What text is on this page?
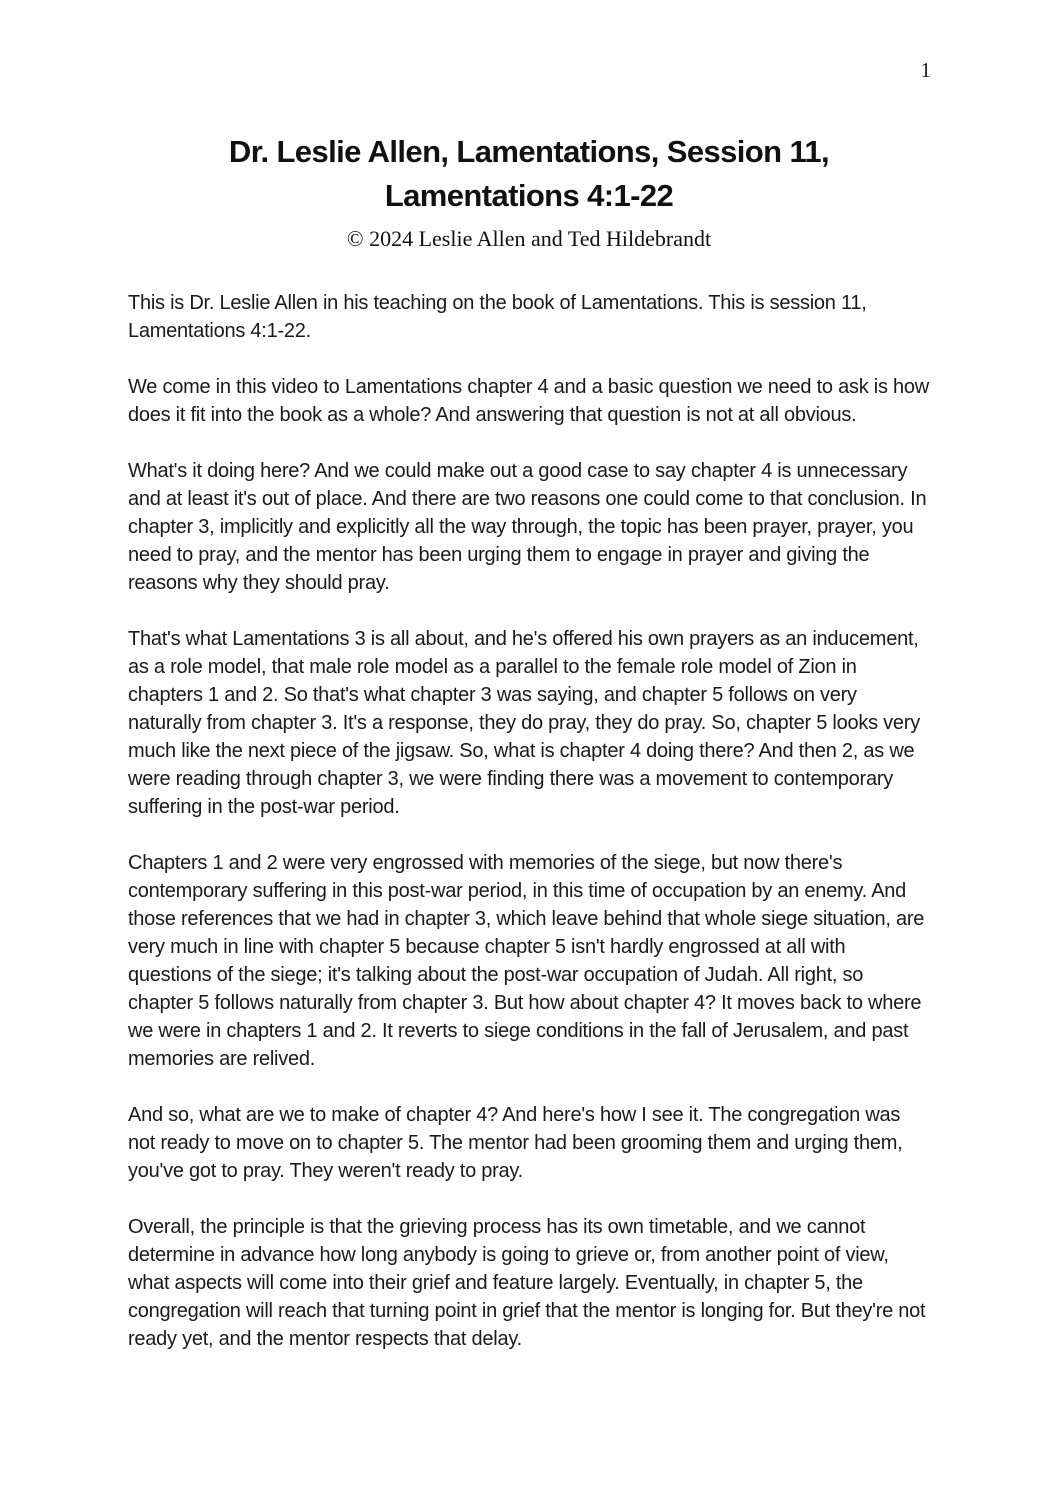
1
Dr. Leslie Allen, Lamentations, Session 11,
Lamentations 4:1-22
© 2024 Leslie Allen and Ted Hildebrandt

This is Dr. Leslie Allen in his teaching on the book of Lamentations. This is session 11, Lamentations 4:1-22.

We come in this video to Lamentations chapter 4 and a basic question we need to ask is how does it fit into the book as a whole? And answering that question is not at all obvious.

What's it doing here? And we could make out a good case to say chapter 4 is unnecessary and at least it's out of place. And there are two reasons one could come to that conclusion. In chapter 3, implicitly and explicitly all the way through, the topic has been prayer, prayer, you need to pray, and the mentor has been urging them to engage in prayer and giving the reasons why they should pray.

That's what Lamentations 3 is all about, and he's offered his own prayers as an inducement, as a role model, that male role model as a parallel to the female role model of Zion in chapters 1 and 2. So that's what chapter 3 was saying, and chapter 5 follows on very naturally from chapter 3. It's a response, they do pray, they do pray. So, chapter 5 looks very much like the next piece of the jigsaw. So, what is chapter 4 doing there? And then 2, as we were reading through chapter 3, we were finding there was a movement to contemporary suffering in the post-war period.

Chapters 1 and 2 were very engrossed with memories of the siege, but now there's contemporary suffering in this post-war period, in this time of occupation by an enemy. And those references that we had in chapter 3, which leave behind that whole siege situation, are very much in line with chapter 5 because chapter 5 isn't hardly engrossed at all with questions of the siege; it's talking about the post-war occupation of Judah. All right, so chapter 5 follows naturally from chapter 3. But how about chapter 4? It moves back to where we were in chapters 1 and 2. It reverts to siege conditions in the fall of Jerusalem, and past memories are relived.

And so, what are we to make of chapter 4? And here's how I see it. The congregation was not ready to move on to chapter 5. The mentor had been grooming them and urging them, you've got to pray. They weren't ready to pray.

Overall, the principle is that the grieving process has its own timetable, and we cannot determine in advance how long anybody is going to grieve or, from another point of view, what aspects will come into their grief and feature largely. Eventually, in chapter 5, the congregation will reach that turning point in grief that the mentor is longing for. But they're not ready yet, and the mentor respects that delay.
